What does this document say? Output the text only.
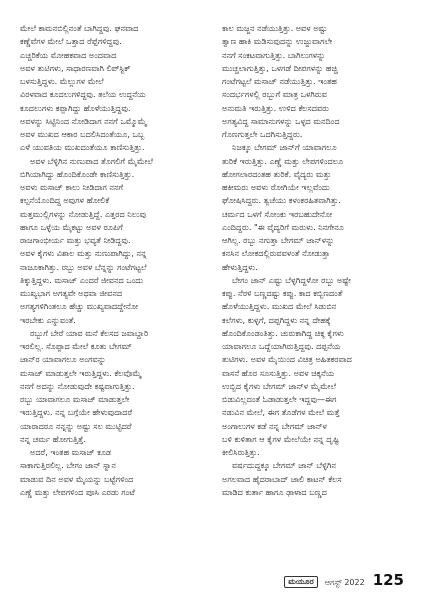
ಮೇಲೆ ಕಾಮನಬಿಲ್ಲಿನಂತೆ ಬಾಗಿದ್ದವು. ಘನವಾದ
ಕಣ್ಣೆವೆಗಳ ಮೇಲೆ ಒತ್ತಾದ ರೆಪ್ಪೆಗಳಿದ್ದವು.
ಎಚ್ಚರಿಕೆಯ ಮೋಹಕವಾದ ಅಂದವಾದ
ಅವಳ ತುಟಿಗಳು, ಸಾಧಾರಣವಾಗಿ ಲಿಪ್‌ಸ್ಟಿಕ್
ಬಳಸುತ್ತಿದ್ದಳು. ಮೆಲ್ಲುಗಳ ಮೇಲೆ
ವಿರಳವಾದ ಕೂದಲುಗಳಿದ್ದವು. ತಲೆಯ ಉದ್ದನೆಯ
ಕೂದಲುಗಳು ಕಪ್ಪಾಗಿದ್ದು ಹೊಳೆಯುತ್ತಿದ್ದವು.
ಅವಳನ್ನು ಸಿಟ್ಟಿನಿಂದ ನೋಡಿದಾಗ ನನಗೆ ಒಮ್ಮೊಮ್ಮೆ
ಅವಳ ಮುಖದ ಆಕಾರ ಬದಲಿಸಿದಂತೆಯೂ, ಒಬ್ಬ
ಎಳೆ ಯುವತಿಯ ಮುಖದಂತೆಯೂ ಕಾಣಿಸುತ್ತಿತ್ತು.
ಅವಳ ಬೆಳ್ಳಿಗಿನ ನುಣುಪಾದ ತೊಗಲಿಗೆ ಮೈಮೇಲೆ
ಬಿಗಿಯಾಗಿದ್ದು ಹೊಂದಿಕೊಂಡೇ ಕಾಣಿಸುತ್ತಿತ್ತು.
ಅವಳು ಮಸಾಜ್ ಕಾಲು ನೀಡಿದಾಗ ನನಗೆ
ಕಲ್ಪನೆಯೊಂದಿದ್ದ ಅವುಗಳ ಹೋಲಿಕೆ
ಮತ್ತಮುಲ್ಲಿಗಳನ್ನು ನೋಡುತ್ತಿದ್ದೆ. ಎತ್ತರದ ನಿಲುವು
ಹಾಗೂ ಒಳ್ಳೆಯ ಮೈಕಟ್ಟು ಅವಳ ರೂಪಿಗೆ
ರಾಜಗಾಂಭೀರ್ಯ ಮತ್ತು ಭವ್ಯತೆ ನೀಡಿದ್ದವು.
ಅವಳ ಕೈಗಳು ವಿಶಾಲ ಮತ್ತು ನುಣುಪಾಗಿದ್ದು, ನನ್ನ
ನಾಜೂಕಾಗಿತ್ತು. ರಬ್ಬು ಅವಳ ಬೆನ್ನನ್ನು ಗಂಟೆಗಟ್ಟಲೆ
ತಿಕ್ಕುತ್ತಿದ್ದಳು. ಮಸಾಜ್ ಎಂದರೆ ಜೀವನದ ಒಂದು
ಮುಖ್ಯಭಾಗ ಅಗತ್ಯವೇ ಅಥವಾ ಜೀವನದ
ಅಗತ್ಯಗಳಿಗಿಂತಲೂ ಹೆಚ್ಚು ಮುಖ್ಯವಾದದ್ದೇನೋ
ಇರಬೇಕು ಎನ್ನುವಂತೆ.
ರಬ್ಬುಗೆ ಬೇರೆ ಯಾವ ಮನೆ ಕೆಲಸದ ಜವಾಬ್ದಾರಿ
ಇರಲಿಲ್ಲ. ಸೊಪ್ಪಾದ ಮೇಲೆ ಕೂತು ಬೇಗಮ್
ಜಾನ್‌ರ ಯಾವಾಗಲೂ ಅಂಗವನ್ನು
ಮಸಾಜ್ ಮಾಡುತ್ತಲೇ ಇರುತ್ತಿದ್ದಳು. ಕೆಲವೊಮ್ಮೆ
ನನಗೆ ಅದನ್ನು ನೋಡುವುದೇ ಕಷ್ಟವಾಗುತ್ತಿತ್ತು.
ರಬ್ಬು ಯಾವಾಗಲೂ ಮಸಾಜ್ ಮಾಡುತ್ತಲೇ
ಇರುತ್ತಿದ್ದಳು. ನನ್ನ ಬಗ್ಗೆಯೇ ಹೇಳುವುದಾದರೆ
ಯಾರಾದರೂ ನನ್ನನ್ನು ಅಷ್ಟು ಸಲ ಮುಟ್ಟಿದರೆ
ನನ್ನ ಚರ್ಮ ಹೋಗುತ್ತಿತ್ತೆ.
ಅದರೆ, ಇಂತಹ ಮಸಾಜ್ ಕೂಡ
ಸಾಕಾಗುತ್ತಿರಲಿಲ್ಲ. ಬೇಗಂ ಜಾನ್ ಸ್ನಾನ
ಮಾಡುವ ದಿನ ಅವಳ ಮೈಯನ್ನು ಬಟ್ಟೆಗಳಿಂದ
ಎಣ್ಣೆ ಮತ್ತು ಲೇಪಗಳಿಂದ ಪೂಸಿ ಎರಡು ಗಂಟೆ
ಕಾಲ ಮಜ್ಜನ ನಡೆಯುತ್ತಿತ್ತು. ಅವಳ ಅಷ್ಟು
ತ್ವಾಣ ಹಾಕಿ ಮಡಿಸುವುದನ್ನು ಉಜ್ಜುವಾಗಲೇ
ನನಗೆ ಸಂಕಟವಾಗುತ್ತಿತ್ತು. ಬಾಗಿಲುಗಳನ್ನು
ಮುಚ್ಚಲಾಗುತ್ತಿತ್ತು, ಒಳಗಡೆ ದೀಪಗಳನ್ನು ಹಚ್ಚಿ
ಗಂಟೆಗಟ್ಟಲೆ ಮಸಾಜ್ ನಡೆಯುತ್ತಿತ್ತು. ಇಂತಹ
ಸಂದರ್ಭಗಳಲ್ಲಿ ರಬ್ಬುಗೆ ಮಾತ್ರ ಒಳಗಿರುವ
ಅನುಮತಿ ಇರುತ್ತಿತ್ತು. ಉಳಿದ ಕೆಲಸದವರು
ಅಗತ್ಯವಿದ್ದ ಸಾಮಾನುಗಳನ್ನು ಒಳ್ಳದ ಮನದಿಂದ
ಗೊಣಗುತ್ತಲೇ ಒದಗಿಸುತ್ತಿದ್ದರು.
ನಿಜಕ್ಕೂ ಬೇಗಮ್ ಜಾನ್‌ಗೆ ಯಾವಾಗಲೂ
ತುರಿಕೆ ಇರುತ್ತಿತ್ತು. ಎಣ್ಣೆ ಮತ್ತು ಲೇಪಗಳಿಂದಲೂ
ಹೋಗಲಾರದಂತಹ ತುರಿಕೆ. ವೈದ್ಯರು ಮತ್ತು
ಹಕೀಮರು ಅವಳು ರೋಗಿಯೇ ಇಲ್ಲವೆಂದು
ಘೋಷಿಸಿದ್ದರು. ತ್ವಚೆಯು ಕಳಂಕರಹಿತವಾಗಿತ್ತು.
ಚರ್ಮದ ಒಳಗೆ ಸೋಂಕು ಇರಬಹುದೇನೋ
ಎಂದಿದ್ದರು. "ಈ ವೈದ್ಯರಿಗೆ ಮರುಳು. ನಿನಗೇನೂ
ಆಗಿಲ್ಲ. ರಬ್ಬು ನಗುತ್ತಾ ಬೇಗಮ್ ಜಾನ್‌ಳನ್ನು
ಕನಸಿನ ಲೋಕದಲ್ಲಿರುವವಳಂತೆ ನೋಡುತ್ತಾ
ಹೇಳುತ್ತಿದ್ದಳು.
ಬೇಗಂ ಜಾನ್ ಎಷ್ಟು ಬೆಳ್ಳಗಿದ್ದಳೋ ರಬ್ಬು ಅಷ್ಟೇ
ಕಪ್ಪು. ನೆರಳಿ ಬಣ್ಣದಷ್ಟು ಕಪ್ಪು. ಕಾದ ಕಬ್ಬಿಣದಂತೆ
ಹೊಳೆಯುತ್ತಿದ್ದಳು. ಮುಖದ ಮೇಲೆ ಸಿಡುಬಿನ
ಕಲೆಗಳು, ಕುಳ್ಳಗೆ, ದಪ್ಪಗಿದ್ದಳು ನನ್ನ ದೇಹಕ್ಕೆ
ಹೊಂದಿಕೊಂಡಂತಿತ್ತು. ಚುರುಕಾಗಿದ್ದ ಚಿಕ್ಕ ಕೈಗಳು
ಯಾವಾಗಲೂ ಒದ್ದೆಯಾಗಿರುತ್ತಿದ್ದವು. ದಪ್ಪನೆಯ
ತುಟಿಗಳು. ಅವಳ ಮೈಯಿಂದ ವಿಚಿತ್ರ ಅಹಿತಕರವಾದ
ವಾಸನೆ ಹೊರ ಸೂಸುತ್ತಿತ್ತು. ಅವಳ ಚಿಕ್ಕನೆಯ
ಉಬ್ಬಿದ ಕೈಗಳು ಬೇಗಮ್ ಜಾನ್‌ಳ ಮೈಮೇಲೆ
ಬಿಡುವಿಲ್ಲದಂತೆ ಓಡಾಡುತ್ತಲೇ ಇದ್ದವು—ಈಗ
ನಡುವಿನ ಮೇಲೆ, ಈಗ ತೊಡೆಗಳ ಮೇಲೆ ಮತ್ತೆ
ಅಂಗಾಲುಗಳ ಕಡೆ ನನ್ನ ಬೇಗಮ್ ಜಾನ್‌ಳ
ಬಳಿ ಕುಳಿತಾಗ ಆ ಕೈಗಳ ಮೇಲೆಯೇ ನನ್ನ ದೃಷ್ಟಿ
ಕೀಲಿಸಿರುತ್ತಿತ್ತು.
ವರ್ಷದುದ್ದಕ್ಕೂ ಬೇಗಮ್ ಜಾನ್ ಬೆಳ್ಳಿಗಿನ
ಅಗಲವಾದ ಹೈದರಾಬಾದ್ ಜಾಲಿ ಕಾಟನ್ ಕೆಲಸ
ಮಾಡಿದ ಕುರ್ತಾ ಹಾಗೂ ಢಾಳಾದ ಬಣ್ಣದ
ಮಯೂರ	ಆಗಸ್ಟ್ 2022 125
